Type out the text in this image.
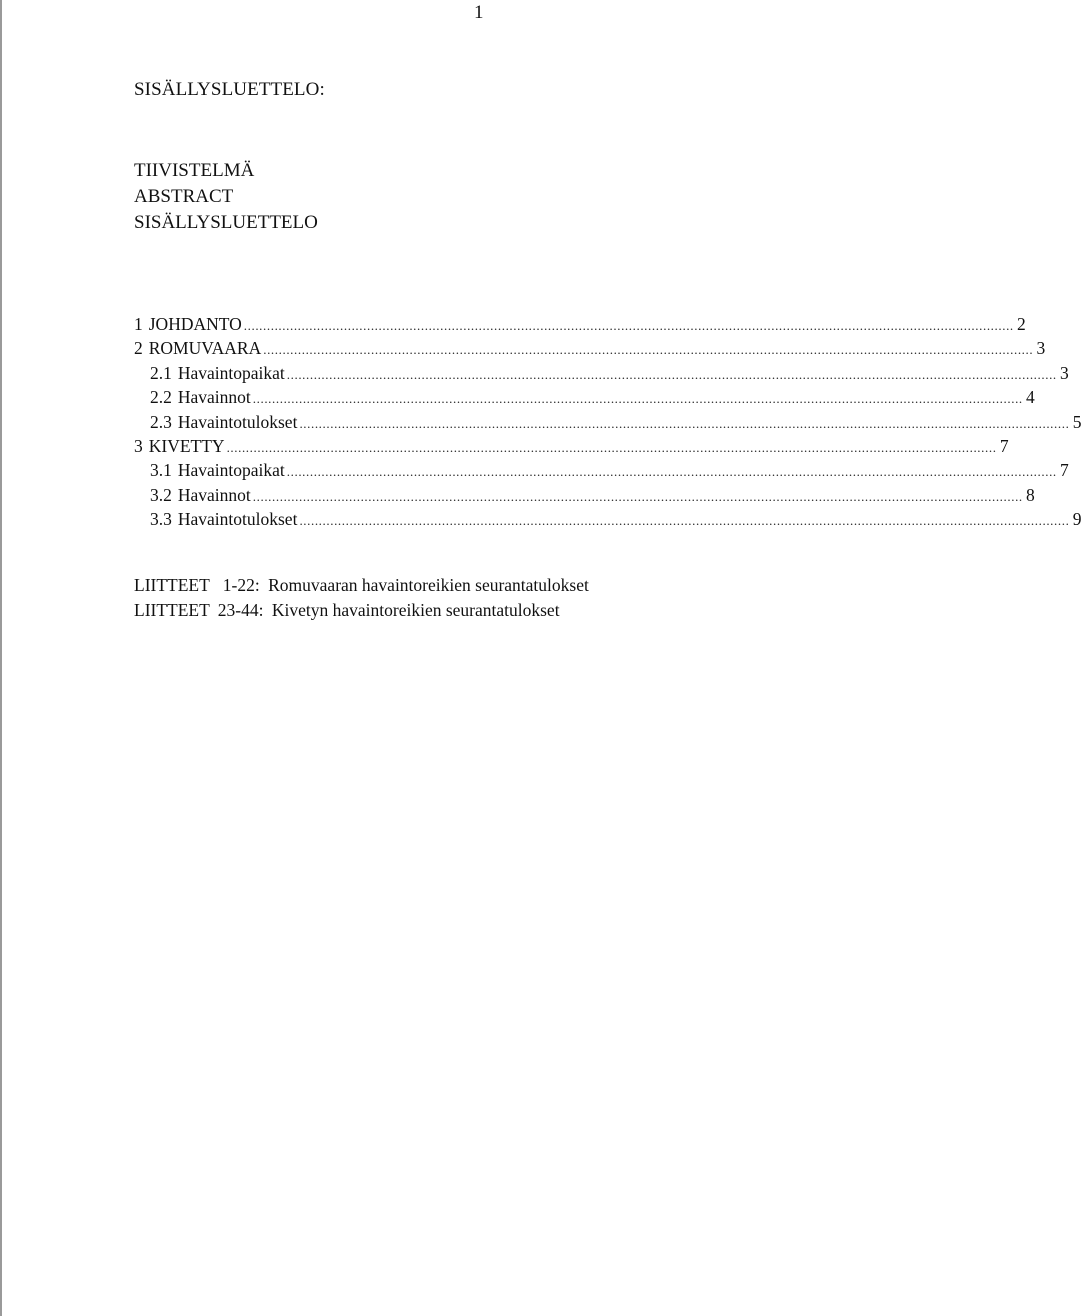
1
SISÄLLYSLUETTELO:
TIIVISTELMÄ
ABSTRACT
SISÄLLYSLUETTELO
1 JOHDANTO ........................................................................................................................................................................................................ 2
2 ROMUVAARA ........................................................................................................................................................................................................ 3
2.1 Havaintopaikat ........................................................................................................................................................................................................ 3
2.2 Havainnot ........................................................................................................................................................................................................ 4
2.3 Havaintotulokset ........................................................................................................................................................................................................ 5
3 KIVETTY ........................................................................................................................................................................................................ 7
3.1 Havaintopaikat ........................................................................................................................................................................................................ 7
3.2 Havainnot ........................................................................................................................................................................................................ 8
3.3 Havaintotulokset ........................................................................................................................................................................................................ 9
LIITTEET 1-22: Romuvaaran havaintoreikien seurantatulokset
LIITTEET 23-44: Kivetyn havaintoreikien seurantatulokset
